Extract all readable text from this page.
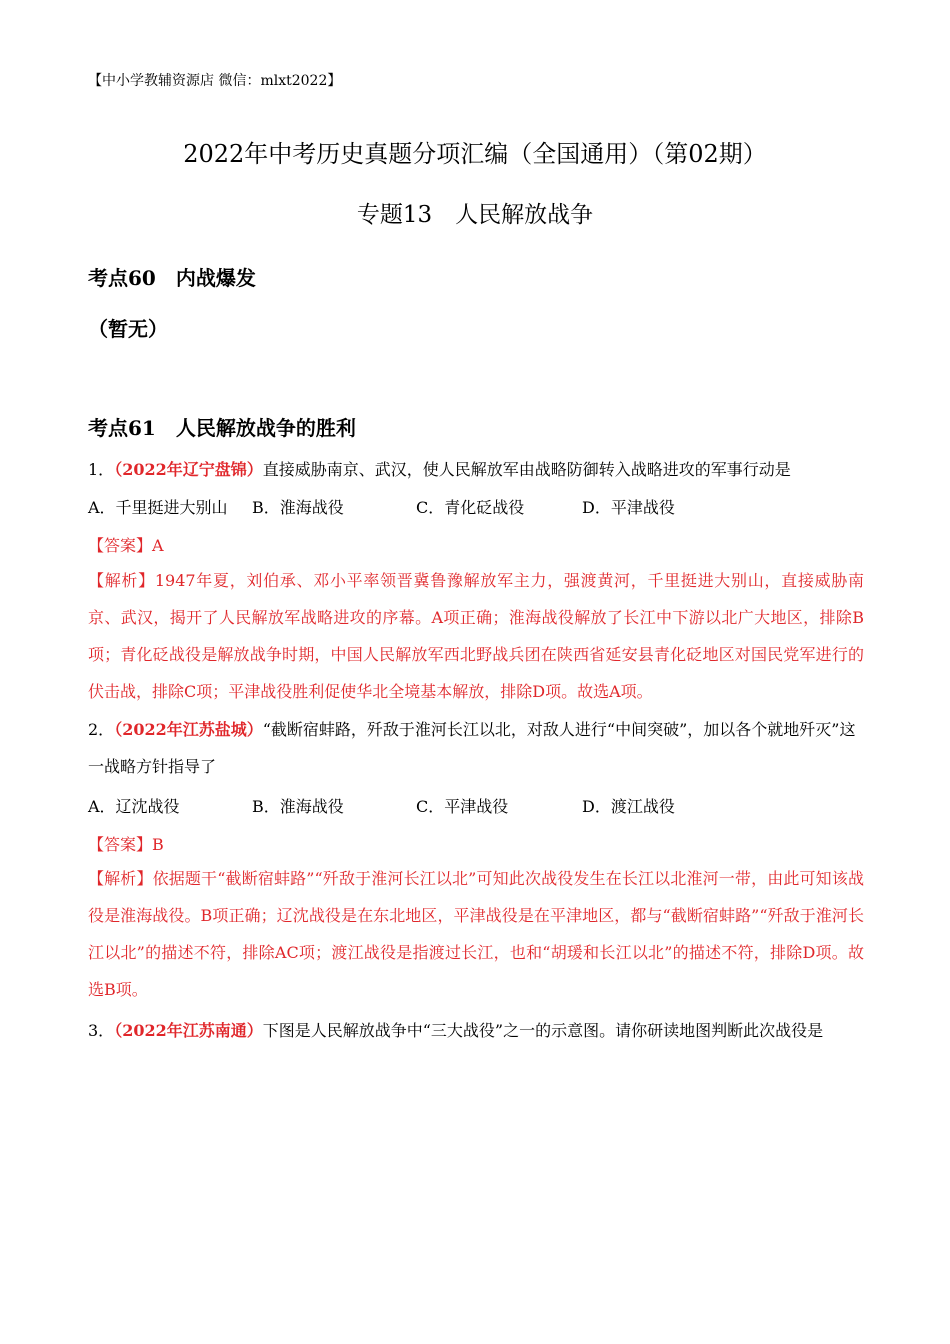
【中小学教辅资源店 微信：mlxt2022】
2022年中考历史真题分项汇编（全国通用）（第02期）
专题13　人民解放战争
考点60 内战爆发
（暂无）
考点61 人民解放战争的胜利
1．（2022年辽宁盘锦）直接威胁南京、武汉，使人民解放军由战略防御转入战略进攻的军事行动是
A．千里挺进大别山 B．淮海战役	C．青化砭战役	D．平津战役
【答案】A
【解析】1947年夏，刘伯承、邓小平率领晋冀鲁豫解放军主力，强渡黄河，千里挺进大别山，直接威胁南京、武汉，揭开了人民解放军战略进攻的序幕。A项正确；淮海战役解放了长江中下游以北广大地区，排除B项；青化砭战役是解放战争时期，中国人民解放军西北野战兵团在陕西省延安县青化砭地区对国民党军进行的伏击战，排除C项；平津战役胜利促使华北全境基本解放，排除D项。故选A项。
2．（2022年江苏盐城）“截断宿蚌路，歼敌于淮河长江以北，对敌人进行“中间突破”，加以各个就地歼灭”这一战略方针指导了
A．辽沈战役	B．淮海战役	C．平津战役	D．渡江战役
【答案】B
【解析】依据题干“截断宿蚌路”“歼敌于淮河长江以北”可知此次战役发生在长江以北淮河一带，由此可知该战役是淮海战役。B项正确；辽沈战役是在东北地区，平津战役是在平津地区，都与“截断宿蚌路”“歼敌于淮河长江以北”的描述不符，排除AC项；渡江战役是指渡过长江，也和“胡瑗和长江以北”的描述不符，排除D项。故选B项。
3．（2022年江苏南通）下图是人民解放战争中“三大战役”之一的示意图。请你研读地图判断此次战役是
